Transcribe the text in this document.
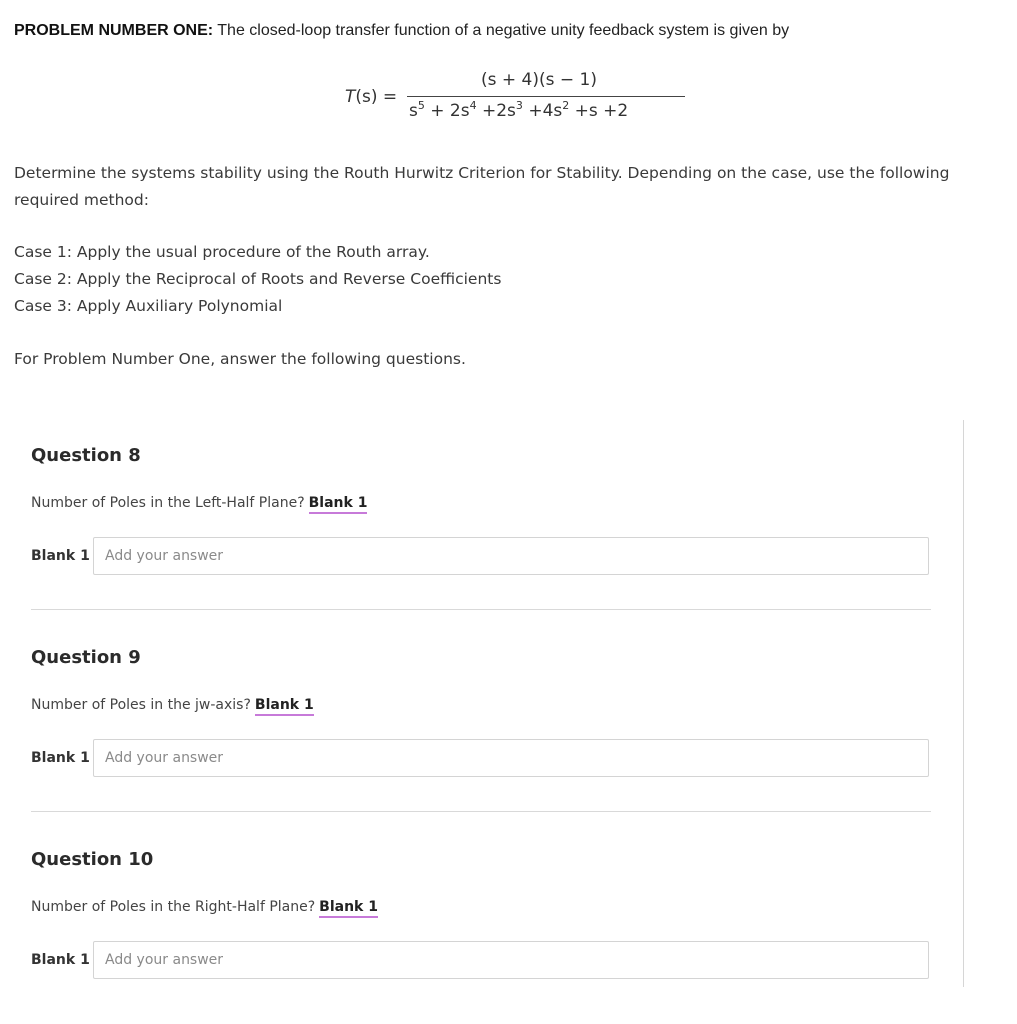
PROBLEM NUMBER ONE: The closed-loop transfer function of a negative unity feedback system is given by
T(s) =
(s + 4)(s − 1)
$s^5 + 2s^4 +2s^3 +4s^2 +s +2$
Determine the systems stability using the Routh Hurwitz Criterion for Stability. Depending on the case, use the following required method:
Case 1: Apply the usual procedure of the Routh array.
Case 2: Apply the Reciprocal of Roots and Reverse Coefficients
Case 3: Apply Auxiliary Polynomial
For Problem Number One, answer the following questions.
Question 8
Number of Poles in the Left-Half Plane? Blank 1
Blank 1
Add your answer
Question 9
Number of Poles in the jw-axis? Blank 1
Blank 1
Add your answer
Question 10
Number of Poles in the Right-Half Plane? Blank 1
Blank 1
Add your answer
